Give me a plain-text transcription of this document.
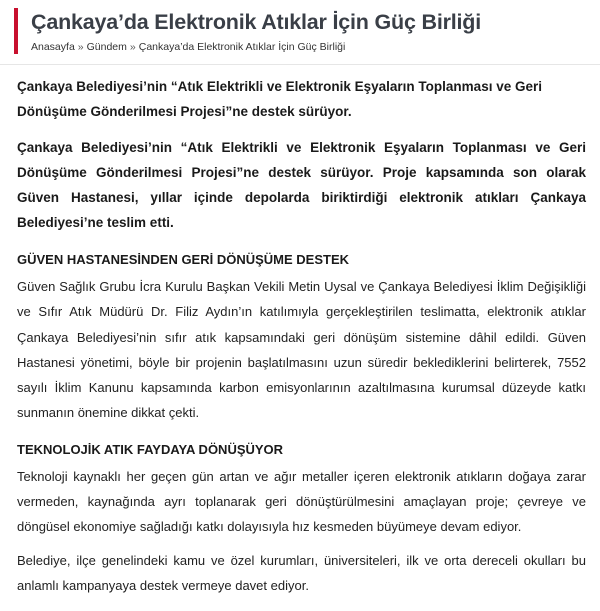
Çankaya’da Elektronik Atıklar İçin Güç Birliği
Anasayfa » Gündem » Çankaya’da Elektronik Atıklar İçin Güç Birliği

Çankaya Belediyesi’nin “Atık Elektrikli ve Elektronik Eşyaların Toplanması ve Geri Dönüşüme Gönderilmesi Projesi”ne destek sürüyor.

Çankaya Belediyesi’nin “Atık Elektrikli ve Elektronik Eşyaların Toplanması ve Geri Dönüşüme Gönderilmesi Projesi”ne destek sürüyor. Proje kapsamında son olarak Güven Hastanesi, yıllar içinde depolarda biriktirdiği elektronik atıkları Çankaya Belediyesi’ne teslim etti.

GÜVEN HASTANESİNDEN GERİ DÖNÜŞÜME DESTEK

Güven Sağlık Grubu İcra Kurulu Başkan Vekili Metin Uysal ve Çankaya Belediyesi İklim Değişikliği ve Sıfır Atık Müdürü Dr. Filiz Aydın’ın katılımıyla gerçekleştirilen teslimatta, elektronik atıklar Çankaya Belediyesi’nin sıfır atık kapsamındaki geri dönüşüm sistemine dâhil edildi. Güven Hastanesi yönetimi, böyle bir projenin başlatılmasını uzun süredir beklediklerini belirterek, 7552 sayılı İklim Kanunu kapsamında karbon emisyonlarının azaltılmasına kurumsal düzeyde katkı sunmanın önemine dikkat çekti.

TEKNOLOJİK ATIK FAYDAYA DÖNÜŞÜYOR

Teknoloji kaynaklı her geçen gün artan ve ağır metaller içeren elektronik atıkların doğaya zarar vermeden, kaynağında ayrı toplanarak geri dönüştürülmesini amaçlayan proje; çevreye ve döngüsel ekonomiye sağladığı katkı dolayısıyla hız kesmeden büyümeye devam ediyor.

Belediye, ilçe genelindeki kamu ve özel kurumları, üniversiteleri, ilk ve orta dereceli okulları bu anlamlı kampanyaya destek vermeye davet ediyor.
